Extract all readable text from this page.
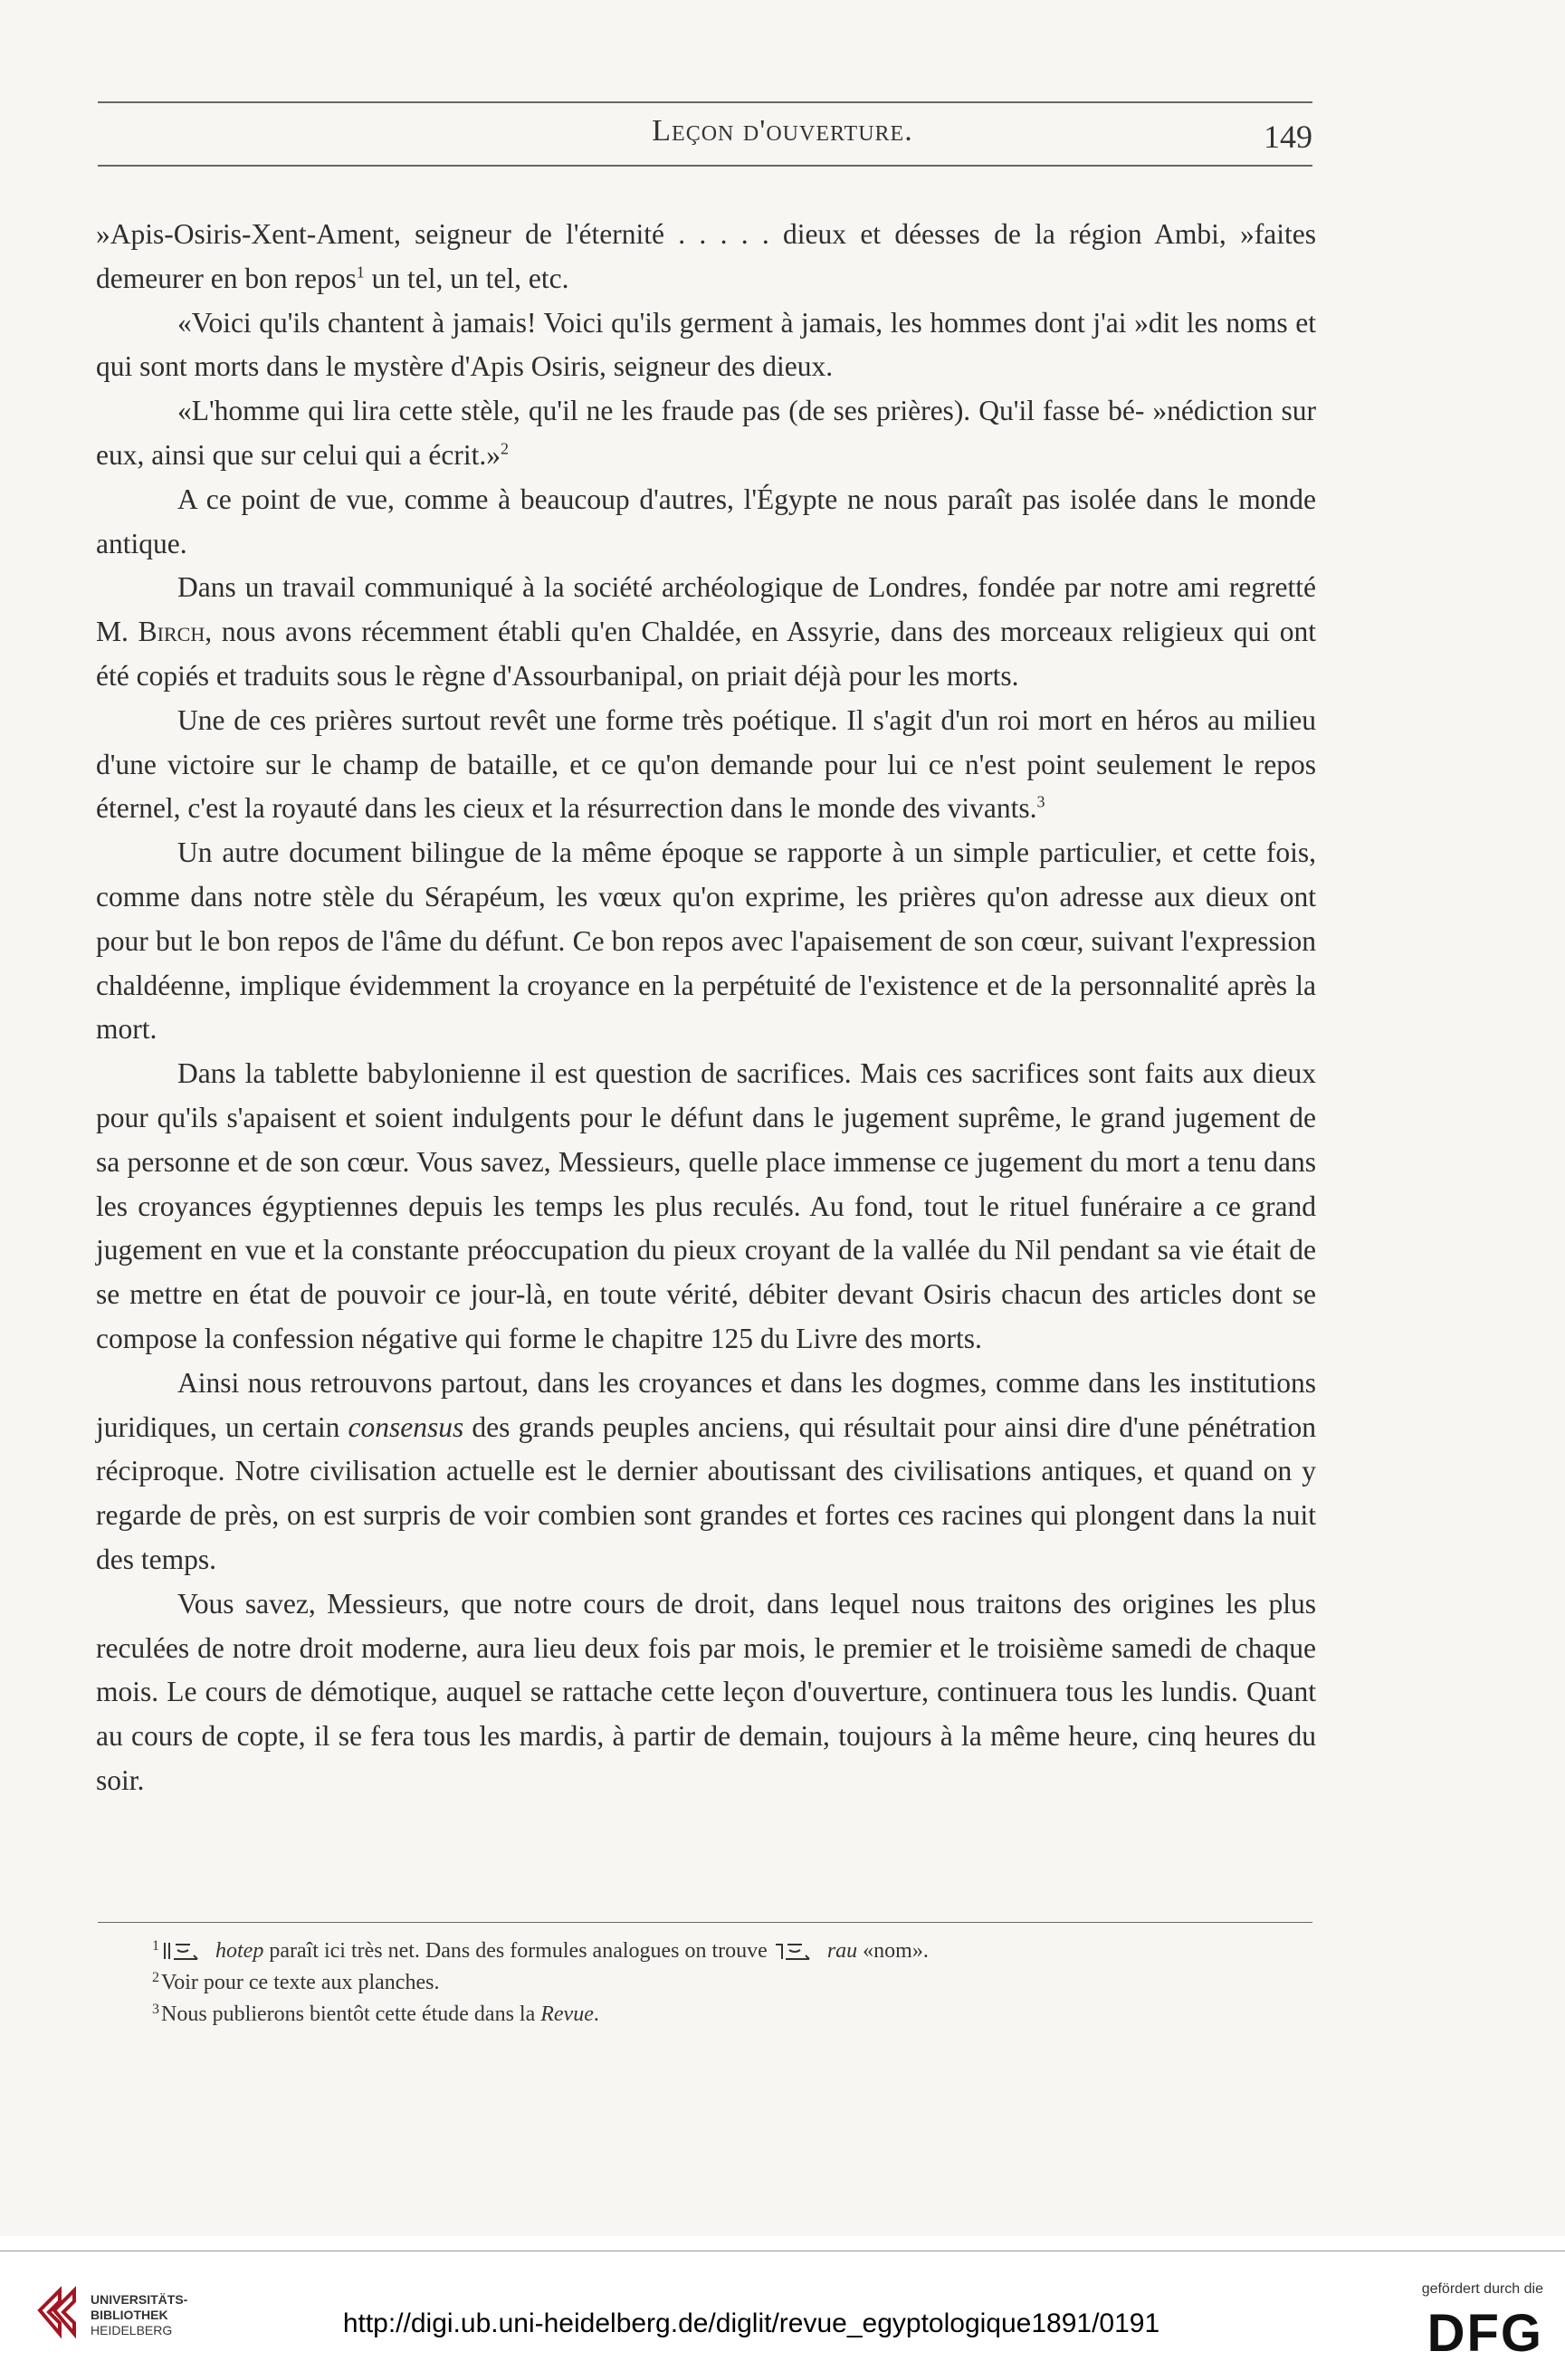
Leçon d'ouverture.	149

»Apis-Osiris-Xent-Ament, seigneur de l'éternité . . . . . dieux et déesses de la région Ambi, »faites demeurer en bon repos$^1$ un tel, un tel, etc.

«Voici qu'ils chantent à jamais! Voici qu'ils germent à jamais, les hommes dont j'ai »dit les noms et qui sont morts dans le mystère d'Apis Osiris, seigneur des dieux.

«L'homme qui lira cette stèle, qu'il ne les fraude pas (de ses prières). Qu'il fasse bé- »nédiction sur eux, ainsi que sur celui qui a écrit.»$^2$

A ce point de vue, comme à beaucoup d'autres, l'Égypte ne nous paraît pas isolée dans le monde antique.

Dans un travail communiqué à la société archéologique de Londres, fondée par notre ami regretté M. Birch, nous avons récemment établi qu'en Chaldée, en Assyrie, dans des morceaux religieux qui ont été copiés et traduits sous le règne d'Assourbanipal, on priait déjà pour les morts.

Une de ces prières surtout revêt une forme très poétique. Il s'agit d'un roi mort en héros au milieu d'une victoire sur le champ de bataille, et ce qu'on demande pour lui ce n'est point seulement le repos éternel, c'est la royauté dans les cieux et la résurrection dans le monde des vivants.$^3$

Un autre document bilingue de la même époque se rapporte à un simple particulier, et cette fois, comme dans notre stèle du Sérapéum, les vœux qu'on exprime, les prières qu'on adresse aux dieux ont pour but le bon repos de l'âme du défunt. Ce bon repos avec l'apaisement de son cœur, suivant l'expression chaldéenne, implique évidemment la croyance en la perpétuité de l'existence et de la personnalité après la mort.

Dans la tablette babylonienne il est question de sacrifices. Mais ces sacrifices sont faits aux dieux pour qu'ils s'apaisent et soient indulgents pour le défunt dans le jugement suprême, le grand jugement de sa personne et de son cœur. Vous savez, Messieurs, quelle place immense ce jugement du mort a tenu dans les croyances égyptiennes depuis les temps les plus reculés. Au fond, tout le rituel funéraire a ce grand jugement en vue et la constante préoccupation du pieux croyant de la vallée du Nil pendant sa vie était de se mettre en état de pouvoir ce jour-là, en toute vérité, débiter devant Osiris chacun des articles dont se compose la confession négative qui forme le chapitre 125 du Livre des morts.

Ainsi nous retrouvons partout, dans les croyances et dans les dogmes, comme dans les institutions juridiques, un certain consensus des grands peuples anciens, qui résultait pour ainsi dire d'une pénétration réciproque. Notre civilisation actuelle est le dernier aboutissant des civilisations antiques, et quand on y regarde de près, on est surpris de voir combien sont grandes et fortes ces racines qui plongent dans la nuit des temps.

Vous savez, Messieurs, que notre cours de droit, dans lequel nous traitons des origines les plus reculées de notre droit moderne, aura lieu deux fois par mois, le premier et le troisième samedi de chaque mois. Le cours de démotique, auquel se rattache cette leçon d'ouverture, continuera tous les lundis. Quant au cours de copte, il se fera tous les mardis, à partir de demain, toujours à la même heure, cinq heures du soir.

1	hotep paraît ici très net. Dans des formules analogues on trouve	rau «nom».
2 Voir pour ce texte aux planches.
3 Nous publierons bientôt cette étude dans la Revue.
UNIVERSITÄTS-
BIBLIOTHEK
HEIDELBERG	http://digi.ub.uni-heidelberg.de/diglit/revue_egyptologique1891/0191
gefördert durch die
DFG
